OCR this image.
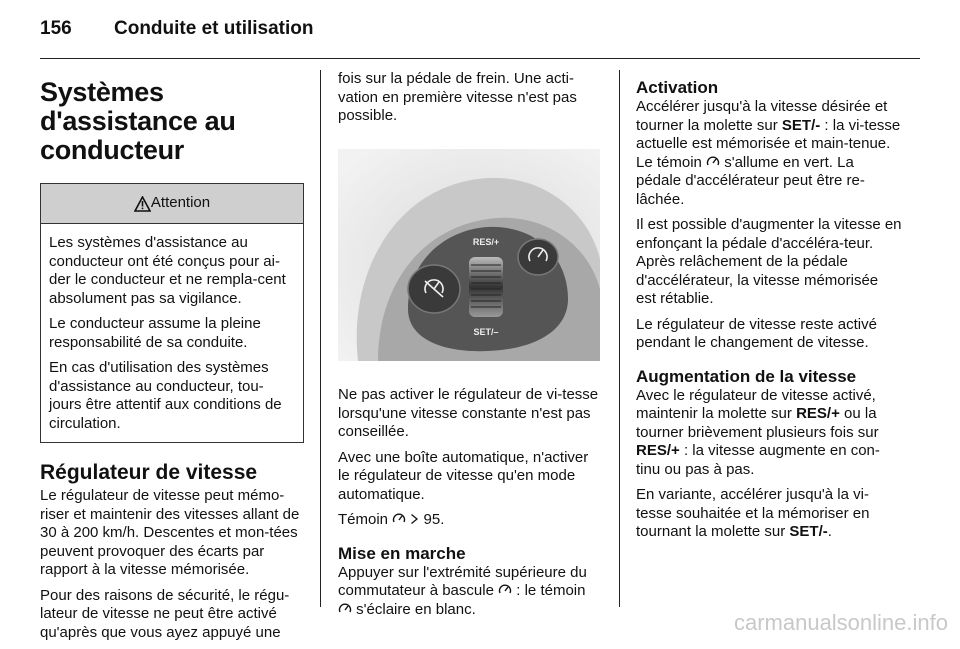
156 Conduite et utilisation
Systèmes d'assistance au conducteur
Attention

Les systèmes d'assistance au conducteur ont été conçus pour ai-der le conducteur et ne rempla-cent absolument pas sa vigilance.

Le conducteur assume la pleine responsabilité de sa conduite.

En cas d'utilisation des systèmes d'assistance au conducteur, tou-jours être attentif aux conditions de circulation.

Régulateur de vitesse

Le régulateur de vitesse peut mémo-riser et maintenir des vitesses allant de 30 à 200 km/h. Descentes et mon-tées peuvent provoquer des écarts par rapport à la vitesse mémorisée.

Pour des raisons de sécurité, le régu-lateur de vitesse ne peut être activé qu'après que vous ayez appuyé une

fois sur la pédale de frein. Une acti-vation en première vitesse n'est pas possible.

RES/+
SET/–

Ne pas activer le régulateur de vi-tesse lorsqu'une vitesse constante n'est pas conseillée.

Avec une boîte automatique, n'activer le régulateur de vitesse qu'en mode automatique.

Témoin 95.

Mise en marche

Appuyer sur l'extrémité supérieure du commutateur à bascule : le témoin  s'éclaire en blanc.

Activation

Accélérer jusqu'à la vitesse désirée et tourner la molette sur SET/- : la vi-tesse actuelle est mémorisée et main-tenue. Le témoin s'allume en vert. La pédale d'accélérateur peut être re-lâchée.

Il est possible d'augmenter la vitesse en enfonçant la pédale d'accéléra-teur. Après relâchement de la pédale d'accélérateur, la vitesse mémorisée est rétablie.

Le régulateur de vitesse reste activé pendant le changement de vitesse.

Augmentation de la vitesse

Avec le régulateur de vitesse activé, maintenir la molette sur RES/+ ou la tourner brièvement plusieurs fois sur RES/+ : la vitesse augmente en con-tinu ou pas à pas.

En variante, accélérer jusqu'à la vi-tesse souhaitée et la mémoriser en tournant la molette sur SET/-.

carmanualsonline.info
